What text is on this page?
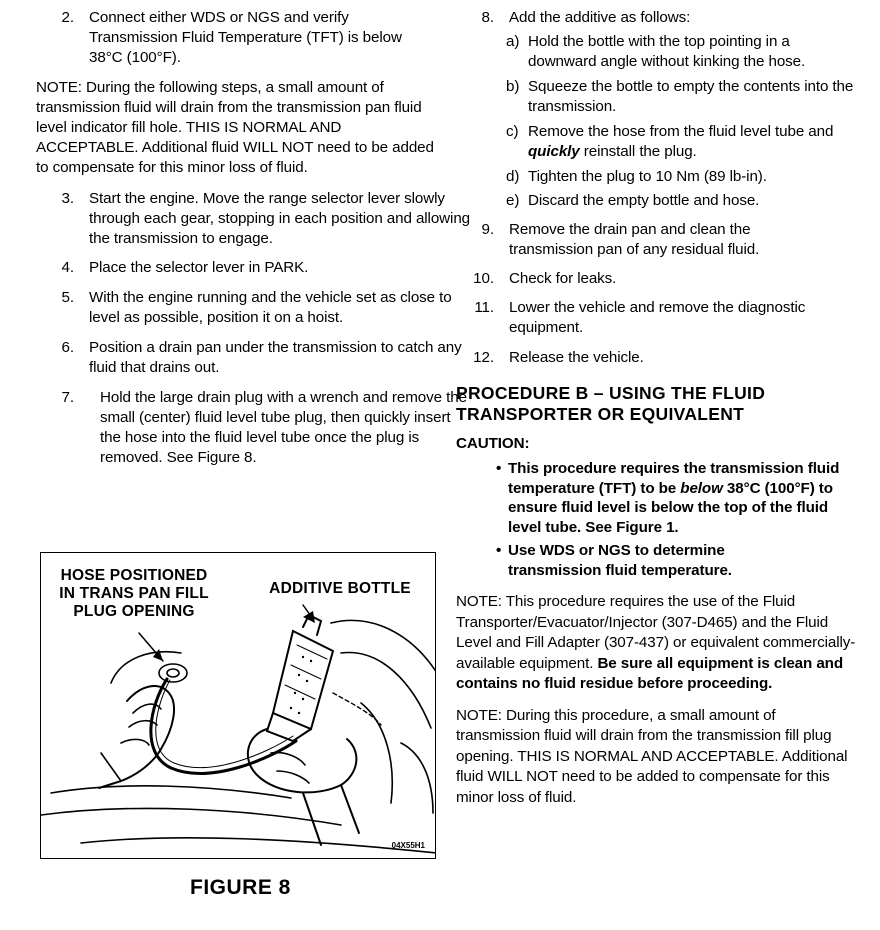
2. Connect either WDS or NGS and verify Transmission Fluid Temperature (TFT) is below 38°C (100°F).

NOTE: During the following steps, a small amount of transmission fluid will drain from the transmission pan fluid level indicator fill hole. THIS IS NORMAL AND ACCEPTABLE. Additional fluid WILL NOT need to be added to compensate for this minor loss of fluid.

3. Start the engine. Move the range selector lever slowly through each gear, stopping in each position and allowing the transmission to engage.
4. Place the selector lever in PARK.
5. With the engine running and the vehicle set as close to level as possible, position it on a hoist.
6. Position a drain pan under the transmission to catch any fluid that drains out.
7. Hold the large drain plug with a wrench and remove the small (center) fluid level tube plug, then quickly insert the hose into the fluid level tube once the plug is removed. See Figure 8.
HOSE POSITIONED IN TRANS PAN FILL PLUG OPENING
ADDITIVE BOTTLE
04X55H1
FIGURE 8
8. Add the additive as follows:
a) Hold the bottle with the top pointing in a downward angle without kinking the hose.
b) Squeeze the bottle to empty the contents into the transmission.
c) Remove the hose from the fluid level tube and quickly reinstall the plug.
d) Tighten the plug to 10 Nm (89 lb-in).
e) Discard the empty bottle and hose.
9. Remove the drain pan and clean the transmission pan of any residual fluid.
10. Check for leaks.
11. Lower the vehicle and remove the diagnostic equipment.
12. Release the vehicle.
PROCEDURE B – USING THE FLUID TRANSPORTER OR EQUIVALENT
CAUTION:
• This procedure requires the transmission fluid temperature (TFT) to be below 38°C (100°F) to ensure fluid level is below the top of the fluid level tube. See Figure 1.
• Use WDS or NGS to determine transmission fluid temperature.

NOTE: This procedure requires the use of the Fluid Transporter/Evacuator/Injector (307-D465) and the Fluid Level and Fill Adapter (307-437) or equivalent commercially-available equipment. Be sure all equipment is clean and contains no fluid residue before proceeding.

NOTE: During this procedure, a small amount of transmission fluid will drain from the transmission fill plug opening. THIS IS NORMAL AND ACCEPTABLE. Additional fluid WILL NOT need to be added to compensate for this minor loss of fluid.
